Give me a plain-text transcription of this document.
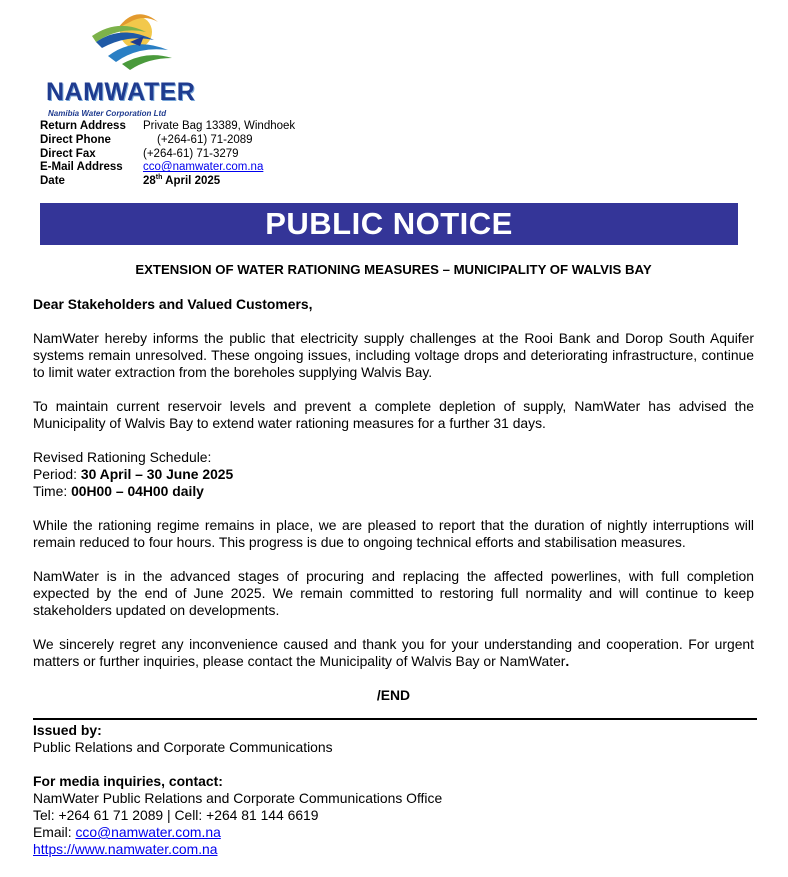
NAMWATER
Namibia Water Corporation Ltd
Return Address	Private Bag 13389, Windhoek
Direct Phone	(+264-61) 71-2089
Direct Fax	(+264-61) 71-3279
E-Mail Address	cco@namwater.com.na
Date	28th April 2025
PUBLIC NOTICE
EXTENSION OF WATER RATIONING MEASURES – MUNICIPALITY OF WALVIS BAY

Dear Stakeholders and Valued Customers,

NamWater hereby informs the public that electricity supply challenges at the Rooi Bank and Dorop South Aquifer systems remain unresolved. These ongoing issues, including voltage drops and deteriorating infrastructure, continue to limit water extraction from the boreholes supplying Walvis Bay.

To maintain current reservoir levels and prevent a complete depletion of supply, NamWater has advised the Municipality of Walvis Bay to extend water rationing measures for a further 31 days.

Revised Rationing Schedule:

Period: 30 April – 30 June 2025

Time: 00H00 – 04H00 daily

While the rationing regime remains in place, we are pleased to report that the duration of nightly interruptions will remain reduced to four hours. This progress is due to ongoing technical efforts and stabilisation measures.

NamWater is in the advanced stages of procuring and replacing the affected powerlines, with full completion expected by the end of June 2025. We remain committed to restoring full normality and will continue to keep stakeholders updated on developments.

We sincerely regret any inconvenience caused and thank you for your understanding and cooperation. For urgent matters or further inquiries, please contact the Municipality of Walvis Bay or NamWater.

/END

Issued by:

Public Relations and Corporate Communications

For media inquiries, contact:

NamWater Public Relations and Corporate Communications Office

Tel: +264 61 71 2089 | Cell: +264 81 144 6619

Email: cco@namwater.com.na

https://www.namwater.com.na
